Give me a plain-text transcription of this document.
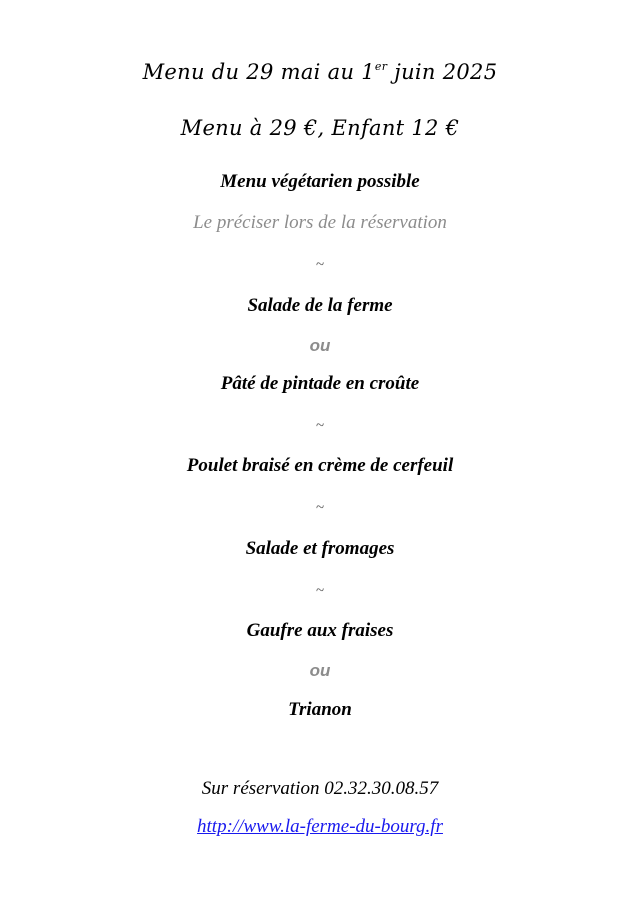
Menu du 29 mai au 1er juin 2025
Menu à 29 €, Enfant 12 €
Menu végétarien possible
Le préciser lors de la réservation
~
Salade de la ferme
ou
Pâté de pintade en croûte
~
Poulet braisé en crème de cerfeuil
~
Salade et fromages
~
Gaufre aux fraises
ou
Trianon
Sur réservation 02.32.30.08.57
http://www.la-ferme-du-bourg.fr
